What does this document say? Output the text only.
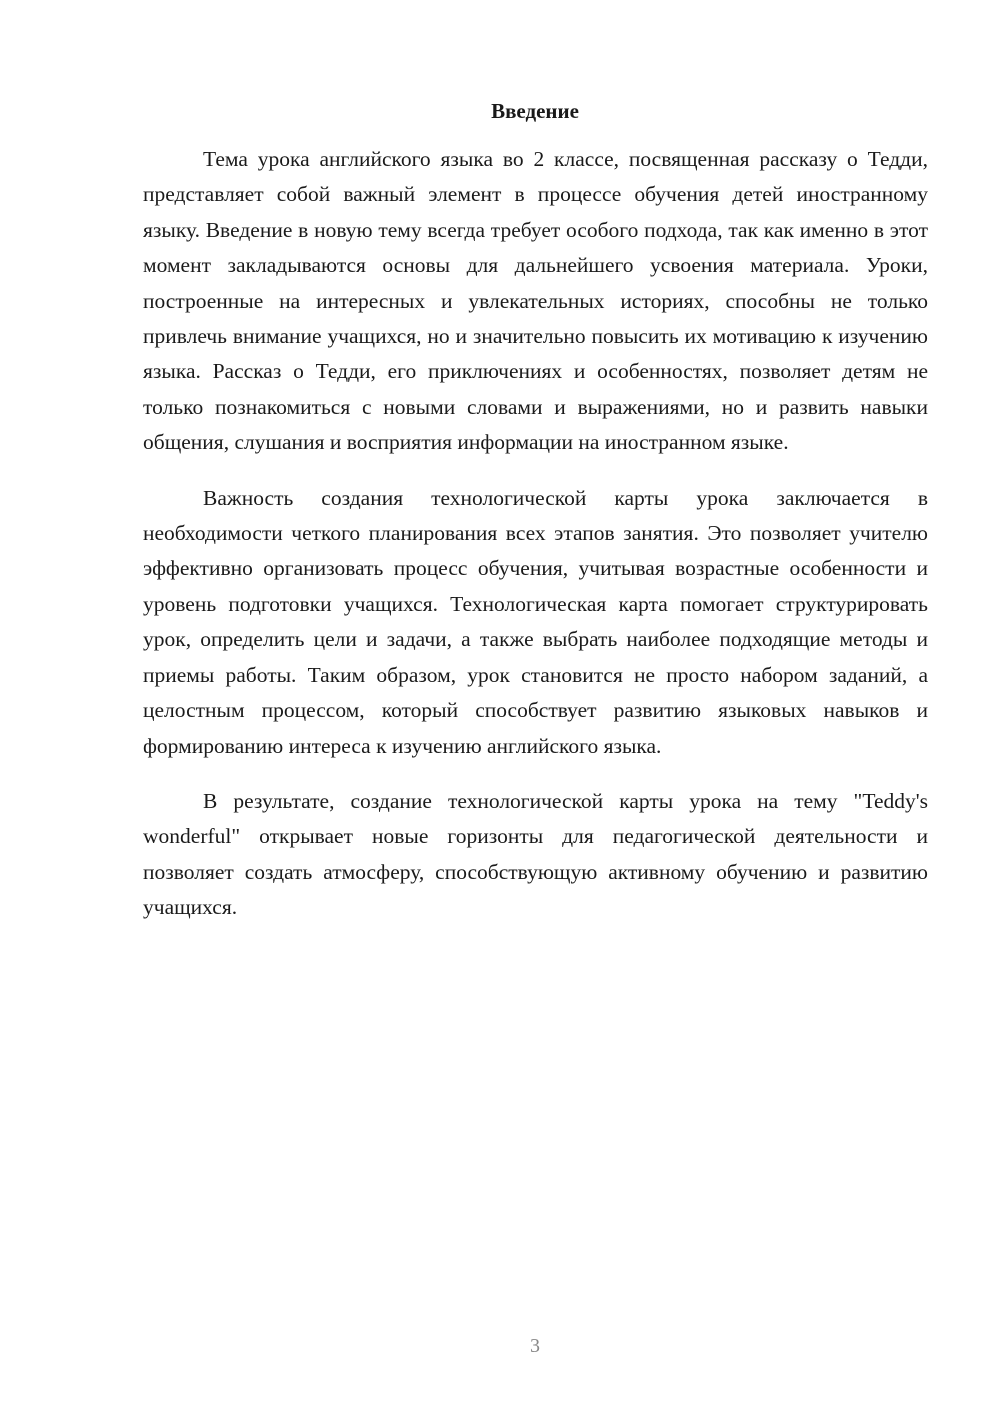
Введение

Тема урока английского языка во 2 классе, посвященная рассказу о Тедди, представляет собой важный элемент в процессе обучения детей иностранному языку. Введение в новую тему всегда требует особого подхода, так как именно в этот момент закладываются основы для дальнейшего усвоения материала. Уроки, построенные на интересных и увлекательных историях, способны не только привлечь внимание учащихся, но и значительно повысить их мотивацию к изучению языка. Рассказ о Тедди, его приключениях и особенностях, позволяет детям не только познакомиться с новыми словами и выражениями, но и развить навыки общения, слушания и восприятия информации на иностранном языке.

Важность создания технологической карты урока заключается в необходимости четкого планирования всех этапов занятия. Это позволяет учителю эффективно организовать процесс обучения, учитывая возрастные особенности и уровень подготовки учащихся. Технологическая карта помогает структурировать урок, определить цели и задачи, а также выбрать наиболее подходящие методы и приемы работы. Таким образом, урок становится не просто набором заданий, а целостным процессом, который способствует развитию языковых навыков и формированию интереса к изучению английского языка.

В результате, создание технологической карты урока на тему "Teddy's wonderful" открывает новые горизонты для педагогической деятельности и позволяет создать атмосферу, способствующую активному обучению и развитию учащихся.

3
